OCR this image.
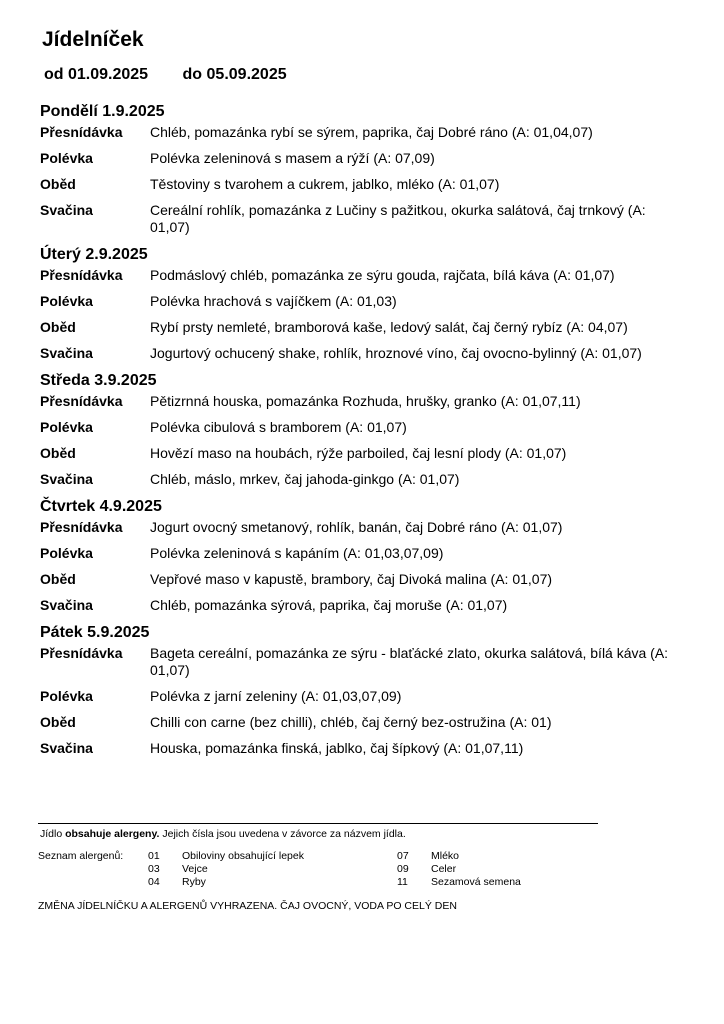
Jídelníček
od 01.09.2025 do 05.09.2025
Pondělí 1.9.2025
Přesnídávka	Chléb, pomazánka rybí se sýrem, paprika, čaj Dobré ráno (A: 01,04,07)
Polévka	Polévka zeleninová s masem a rýží (A: 07,09)
Oběd	Těstoviny s tvarohem a cukrem, jablko, mléko (A: 01,07)
Svačina	Cereální rohlík, pomazánka z Lučiny s pažitkou, okurka salátová, čaj trnkový (A: 01,07)
Úterý 2.9.2025
Přesnídávka	Podmáslový chléb, pomazánka ze sýru gouda, rajčata, bílá káva (A: 01,07)
Polévka	Polévka hrachová s vajíčkem (A: 01,03)
Oběd	Rybí prsty nemleté, bramborová kaše, ledový salát, čaj černý rybíz (A: 04,07)
Svačina	Jogurtový ochucený shake, rohlík, hroznové víno, čaj ovocno-bylinný (A: 01,07)
Středa 3.9.2025
Přesnídávka	Pětizrnná houska, pomazánka Rozhuda, hrušky, granko (A: 01,07,11)
Polévka	Polévka cibulová s bramborem (A: 01,07)
Oběd	Hovězí maso na houbách, rýže parboiled, čaj lesní plody (A: 01,07)
Svačina	Chléb, máslo, mrkev, čaj jahoda-ginkgo (A: 01,07)
Čtvrtek 4.9.2025
Přesnídávka	Jogurt ovocný smetanový, rohlík, banán, čaj Dobré ráno (A: 01,07)
Polévka	Polévka zeleninová s kapáním (A: 01,03,07,09)
Oběd	Vepřové maso v kapustě, brambory, čaj Divoká malina (A: 01,07)
Svačina	Chléb, pomazánka sýrová, paprika, čaj moruše (A: 01,07)
Pátek 5.9.2025
Přesnídávka	Bageta cereální, pomazánka ze sýru - blaťácké zlato, okurka salátová, bílá káva (A: 01,07)
Polévka	Polévka z jarní zeleniny (A: 01,03,07,09)
Oběd	Chilli con carne (bez chilli), chléb, čaj černý bez-ostružina (A: 01)
Svačina	Houska, pomazánka finská, jablko, čaj šípkový (A: 01,07,11)
Jídlo obsahuje alergeny. Jejich čísla jsou uvedena v závorce za názvem jídla.
Seznam alergenů: 01 Obiloviny obsahující lepek
03 Vejce
04 Ryby
07 Mléko
09 Celer
11 Sezamová semena
ZMĚNA JÍDELNÍČKU A ALERGENŮ VYHRAZENA. ČAJ OVOCNÝ, VODA PO CELÝ DEN
